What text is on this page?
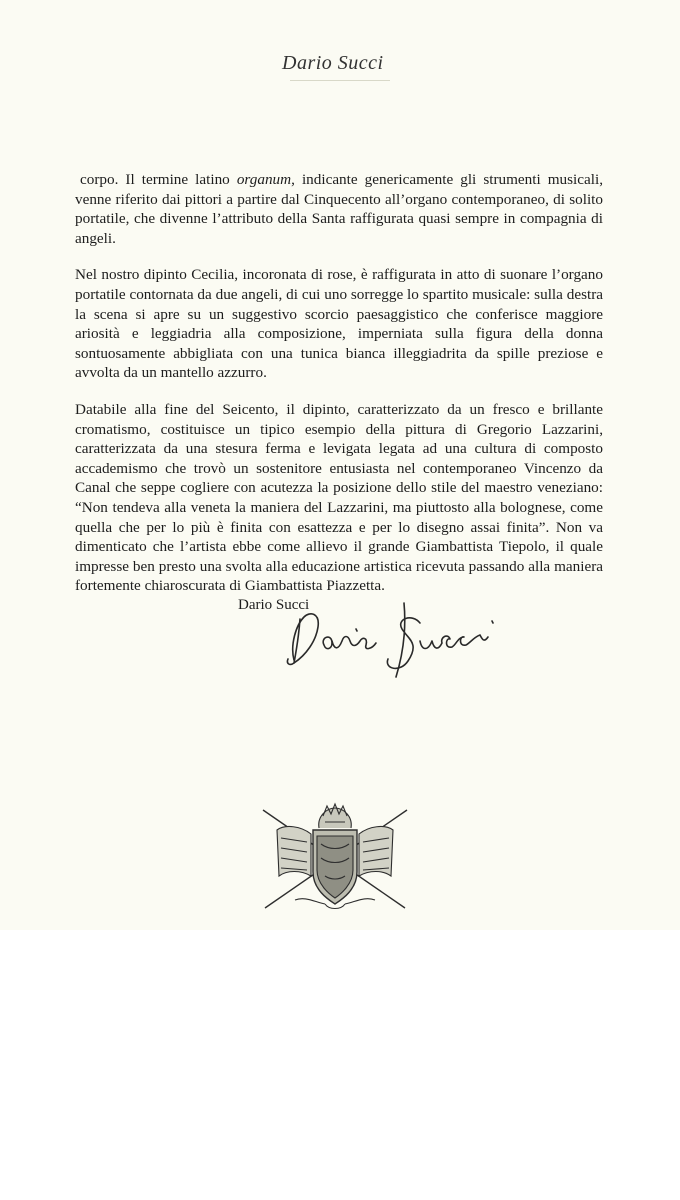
Dario Succi

corpo. Il termine latino organum, indicante genericamente gli strumenti musicali, venne riferito dai pittori a partire dal Cinquecento all’organo contemporaneo, di solito portatile, che divenne l’attributo della Santa raffigurata quasi sempre in compagnia di angeli.

Nel nostro dipinto Cecilia, incoronata di rose, è raffigurata in atto di suonare l’organo portatile contornata da due angeli, di cui uno sorregge lo spartito musicale: sulla destra la scena si apre su un suggestivo scorcio paesaggistico che conferisce maggiore ariosità e leggiadria alla composizione, imperniata sulla figura della donna sontuosamente abbigliata con una tunica bianca illeggiadrita da spille preziose e avvolta da un mantello azzurro.

Databile alla fine del Seicento, il dipinto, caratterizzato da un fresco e brillante cromatismo, costituisce un tipico esempio della pittura di Gregorio Lazzarini, caratterizzata da una stesura ferma e levigata legata ad una cultura di composto accademismo che trovò un sostenitore entusiasta nel contemporaneo Vincenzo da Canal che seppe cogliere con acutezza la posizione dello stile del maestro veneziano: “Non tendeva alla veneta la maniera del Lazzarini, ma piuttosto alla bolognese, come quella che per lo più è finita con esattezza e per lo disegno assai finita”. Non va dimenticato che l’artista ebbe come allievo il grande Giambattista Tiepolo, il quale impresse ben presto una svolta alla educazione artistica ricevuta passando alla maniera fortemente chiaroscurata di Giambattista Piazzetta.

Dario Succi
